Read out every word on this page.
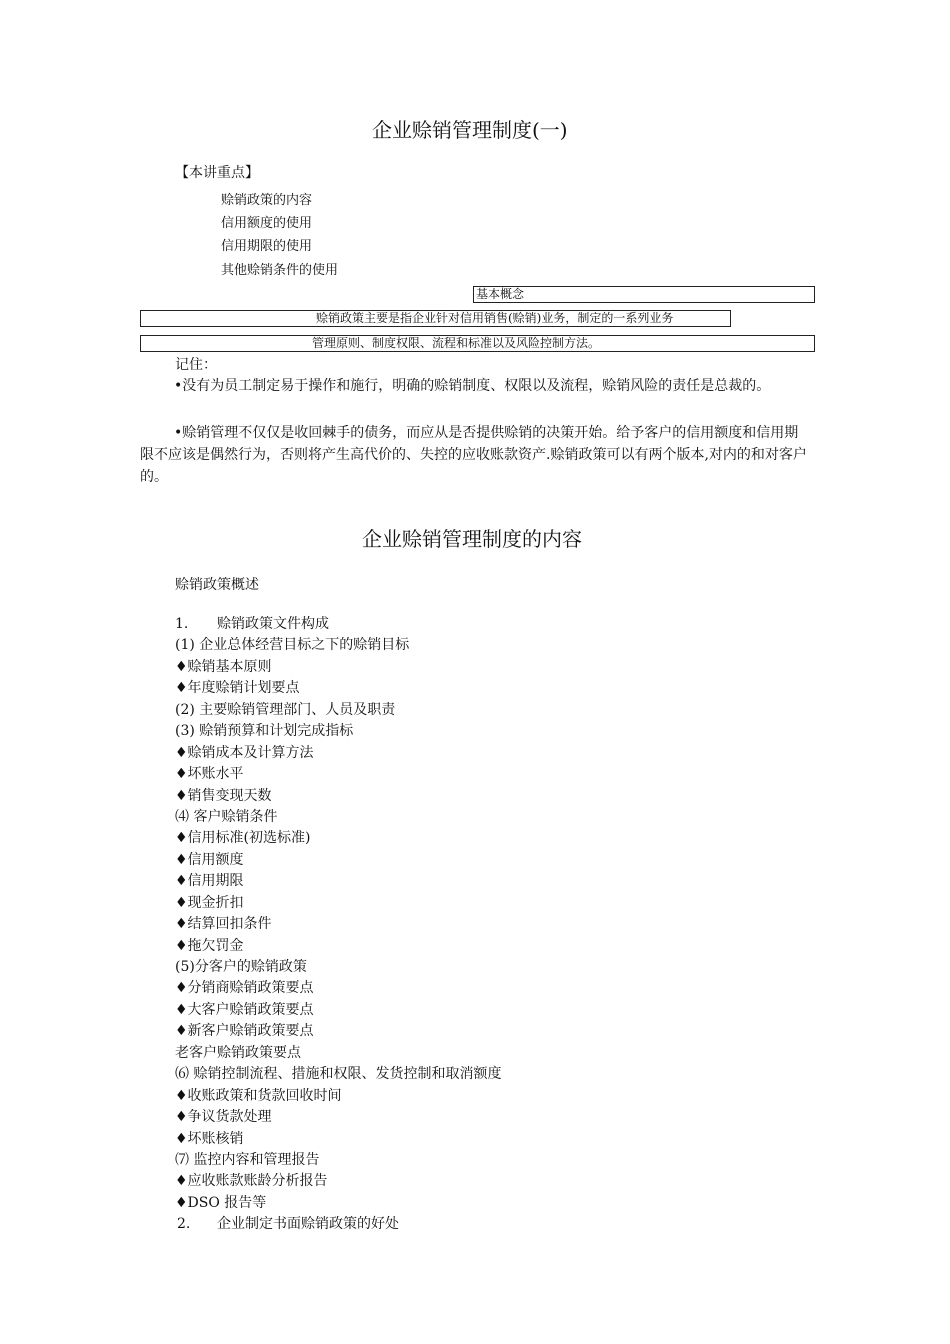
企业赊销管理制度(一)
【本讲重点】
赊销政策的内容
信用额度的使用
信用期限的使用
其他赊销条件的使用
基本概念
赊销政策主要是指企业针对信用销售(赊销)业务，制定的一系列业务
管理原则、制度权限、流程和标准以及风险控制方法。
记住：
•没有为员工制定易于操作和施行，明确的赊销制度、权限以及流程，赊销风险的责任是总裁的。
•赊销管理不仅仅是收回棘手的债务，而应从是否提供赊销的决策开始。给予客户的信用额度和信用期限不应该是偶然行为，否则将产生高代价的、失控的应收账款资产.赊销政策可以有两个版本,对内的和对客户的。
企业赊销管理制度的内容
赊销政策概述
1. 赊销政策文件构成
(1) 企业总体经营目标之下的赊销目标
♦赊销基本原则
♦年度赊销计划要点
(2) 主要赊销管理部门、人员及职责
(3) 赊销预算和计划完成指标
♦赊销成本及计算方法
♦坏账水平
♦销售变现天数
⑷ 客户赊销条件
♦信用标准(初选标准)
♦信用额度
♦信用期限
♦现金折扣
♦结算回扣条件
♦拖欠罚金
(5)分客户的赊销政策
♦分销商赊销政策要点
♦大客户赊销政策要点
♦新客户赊销政策要点
老客户赊销政策要点
⑹ 赊销控制流程、措施和权限、发货控制和取消额度
♦收账政策和货款回收时间
♦争议货款处理
♦坏账核销
⑺ 监控内容和管理报告
♦应收账款账龄分析报告
♦DSO 报告等
2. 企业制定书面赊销政策的好处
